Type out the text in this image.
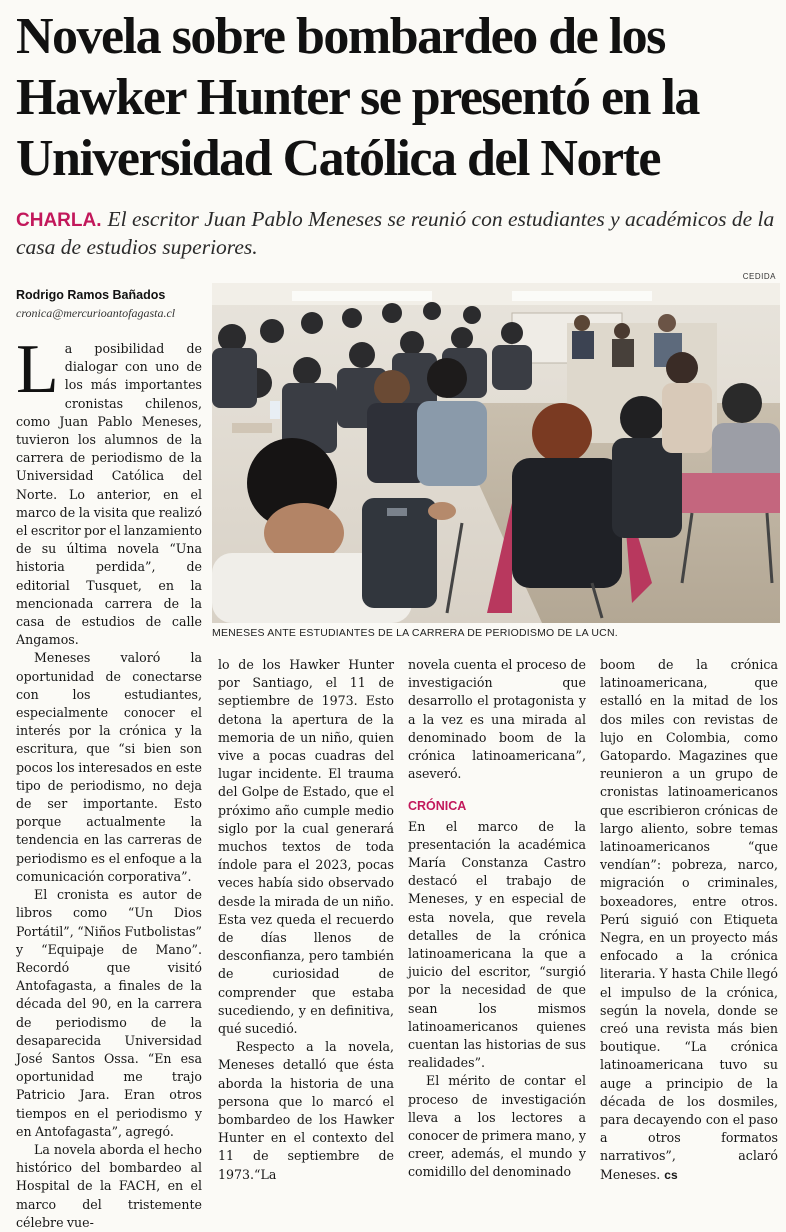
Novela sobre bombardeo de los Hawker Hunter se presentó en la Universidad Católica del Norte
CHARLA. El escritor Juan Pablo Meneses se reunió con estudiantes y académicos de la casa de estudios superiores.
Rodrigo Ramos Bañados
cronica@mercurioantofagasta.cl
CEDIDA
MENESES ANTE ESTUDIANTES DE LA CARRERA DE PERIODISMO DE LA UCN.

La posibilidad de dialogar con uno de los más importantes cronistas chilenos, como Juan Pablo Meneses, tuvieron los alumnos de la carrera de periodismo de la Universidad Católica del Norte. Lo anterior, en el marco de la visita que realizó el escritor por el lanzamiento de su última novela “Una historia perdida”, de editorial Tusquet, en la mencionada carrera de la casa de estudios de calle Angamos.

Meneses valoró la oportunidad de conectarse con los estudiantes, especialmente conocer el interés por la crónica y la escritura, que “si bien son pocos los interesados en este tipo de periodismo, no deja de ser importante. Esto porque actualmente la tendencia en las carreras de periodismo es el enfoque a la comunicación corporativa”.

El cronista es autor de libros como “Un Dios Portátil”, “Niños Futbolistas” y “Equipaje de Mano”. Recordó que visitó Antofagasta, a finales de la década del 90, en la carrera de periodismo de la desaparecida Universidad José Santos Ossa. “En esa oportunidad me trajo Patricio Jara. Eran otros tiempos en el periodismo y en Antofagasta”, agregó.

La novela aborda el hecho histórico del bombardeo al Hospital de la FACH, en el marco del tristemente célebre vue-

lo de los Hawker Hunter por Santiago, el 11 de septiembre de 1973. Esto detona la apertura de la memoria de un niño, quien vive a pocas cuadras del lugar incidente. El trauma del Golpe de Estado, que el próximo año cumple medio siglo por la cual generará muchos textos de toda índole para el 2023, pocas veces había sido observado desde la mirada de un niño. Esta vez queda el recuerdo de días llenos de desconfianza, pero también de curiosidad de comprender que estaba sucediendo, y en definitiva, qué sucedió.

Respecto a la novela, Meneses detalló que ésta aborda la historia de una persona que lo marcó el bombardeo de los Hawker Hunter en el contexto del 11 de septiembre de 1973.“La

novela cuenta el proceso de investigación que desarrollo el protagonista y a la vez es una mirada al denominado boom de la crónica latinoamericana”, aseveró.

CRÓNICA

En el marco de la presentación la académica María Constanza Castro destacó el trabajo de Meneses, y en especial de esta novela, que revela detalles de la crónica latinoamericana la que a juicio del escritor, “surgió por la necesidad de que sean los mismos latinoamericanos quienes cuentan las historias de sus realidades”.

El mérito de contar el proceso de investigación lleva a los lectores a conocer de primera mano, y creer, además, el mundo y comidillo del denominado

boom de la crónica latinoamericana, que estalló en la mitad de los dos miles con revistas de lujo en Colombia, como Gatopardo. Magazines que reunieron a un grupo de cronistas latinoamericanos que escribieron crónicas de largo aliento, sobre temas latinoamericanos “que vendían”: pobreza, narco, migración o criminales, boxeadores, entre otros. Perú siguió con Etiqueta Negra, en un proyecto más enfocado a la crónica literaria. Y hasta Chile llegó el impulso de la crónica, según la novela, donde se creó una revista más bien boutique. “La crónica latinoamericana tuvo su auge a principio de la década de los dosmiles, para decayendo con el paso a otros formatos narrativos”, aclaró Meneses. cs
